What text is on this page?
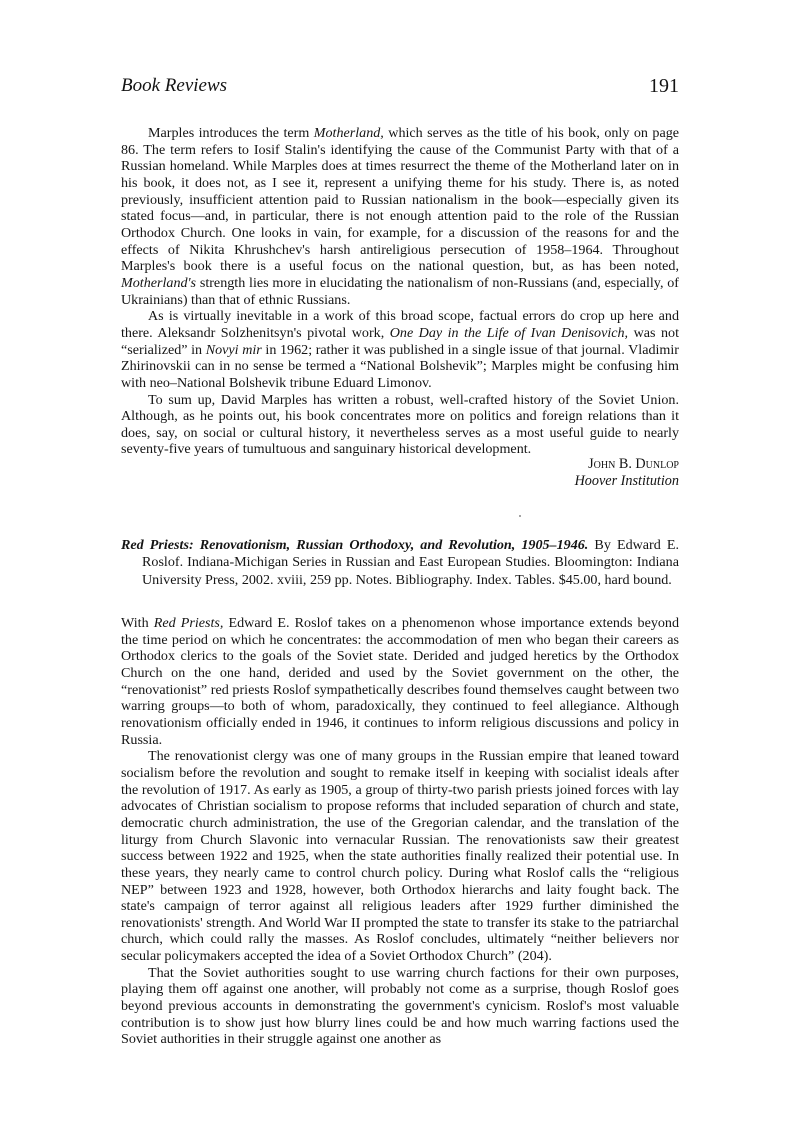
Book Reviews	191

Marples introduces the term Motherland, which serves as the title of his book, only on page 86. The term refers to Iosif Stalin's identifying the cause of the Communist Party with that of a Russian homeland. While Marples does at times resurrect the theme of the Motherland later on in his book, it does not, as I see it, represent a unifying theme for his study. There is, as noted previously, insufficient attention paid to Russian nationalism in the book—especially given its stated focus—and, in particular, there is not enough attention paid to the role of the Russian Orthodox Church. One looks in vain, for example, for a discussion of the reasons for and the effects of Nikita Khrushchev's harsh antireligious persecution of 1958–1964. Throughout Marples's book there is a useful focus on the national question, but, as has been noted, Motherland's strength lies more in elucidating the nationalism of non-Russians (and, especially, of Ukrainians) than that of ethnic Russians.

As is virtually inevitable in a work of this broad scope, factual errors do crop up here and there. Aleksandr Solzhenitsyn's pivotal work, One Day in the Life of Ivan Denisovich, was not “serialized” in Novyi mir in 1962; rather it was published in a single issue of that journal. Vladimir Zhirinovskii can in no sense be termed a “National Bolshevik”; Marples might be confusing him with neo–National Bolshevik tribune Eduard Limonov.

To sum up, David Marples has written a robust, well-crafted history of the Soviet Union. Although, as he points out, his book concentrates more on politics and foreign relations than it does, say, on social or cultural history, it nevertheless serves as a most useful guide to nearly seventy-five years of tumultuous and sanguinary historical development.

John B. Dunlop
Hoover Institution
Red Priests: Renovationism, Russian Orthodoxy, and Revolution, 1905–1946. By Edward E. Roslof. Indiana-Michigan Series in Russian and East European Studies. Bloomington: Indiana University Press, 2002. xviii, 259 pp. Notes. Bibliography. Index. Tables. $45.00, hard bound.

With Red Priests, Edward E. Roslof takes on a phenomenon whose importance extends beyond the time period on which he concentrates: the accommodation of men who began their careers as Orthodox clerics to the goals of the Soviet state. Derided and judged heretics by the Orthodox Church on the one hand, derided and used by the Soviet government on the other, the “renovationist” red priests Roslof sympathetically describes found themselves caught between two warring groups—to both of whom, paradoxically, they continued to feel allegiance. Although renovationism officially ended in 1946, it continues to inform religious discussions and policy in Russia.

The renovationist clergy was one of many groups in the Russian empire that leaned toward socialism before the revolution and sought to remake itself in keeping with socialist ideals after the revolution of 1917. As early as 1905, a group of thirty-two parish priests joined forces with lay advocates of Christian socialism to propose reforms that included separation of church and state, democratic church administration, the use of the Gregorian calendar, and the translation of the liturgy from Church Slavonic into vernacular Russian. The renovationists saw their greatest success between 1922 and 1925, when the state authorities finally realized their potential use. In these years, they nearly came to control church policy. During what Roslof calls the “religious NEP” between 1923 and 1928, however, both Orthodox hierarchs and laity fought back. The state's campaign of terror against all religious leaders after 1929 further diminished the renovationists' strength. And World War II prompted the state to transfer its stake to the patriarchal church, which could rally the masses. As Roslof concludes, ultimately “neither believers nor secular policymakers accepted the idea of a Soviet Orthodox Church” (204).

That the Soviet authorities sought to use warring church factions for their own purposes, playing them off against one another, will probably not come as a surprise, though Roslof goes beyond previous accounts in demonstrating the government's cynicism. Roslof's most valuable contribution is to show just how blurry lines could be and how much warring factions used the Soviet authorities in their struggle against one another as
